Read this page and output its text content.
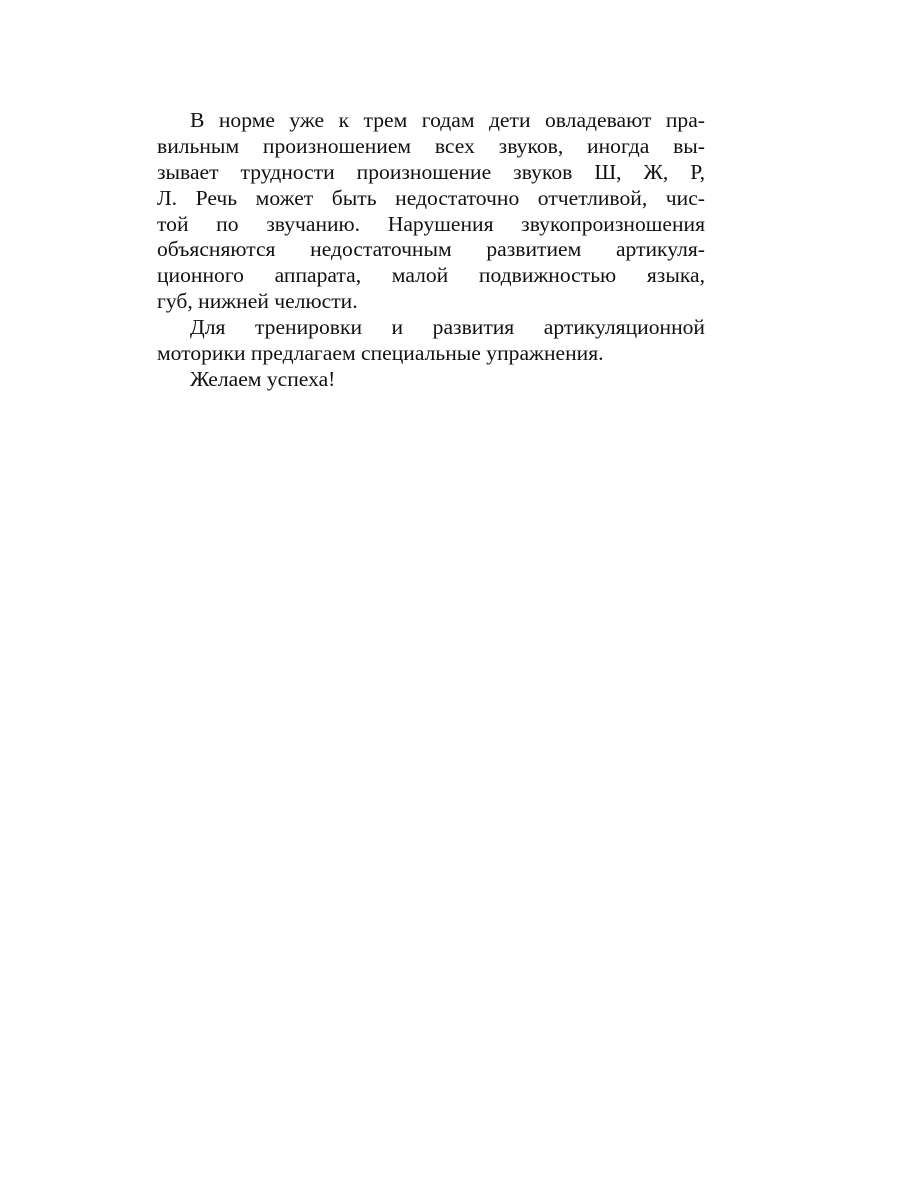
В норме уже к трем годам дети овладевают пра-
вильным произношением всех звуков, иногда вы-
зывает трудности произношение звуков Ш, Ж, Р,
Л. Речь может быть недостаточно отчетливой, чис-
той по звучанию. Нарушения звукопроизношения
объясняются недостаточным развитием артикуля-
ционного аппарата, малой подвижностью языка,
губ, нижней челюсти.
Для тренировки и развития артикуляционной
моторики предлагаем специальные упражнения.
Желаем успеха!
